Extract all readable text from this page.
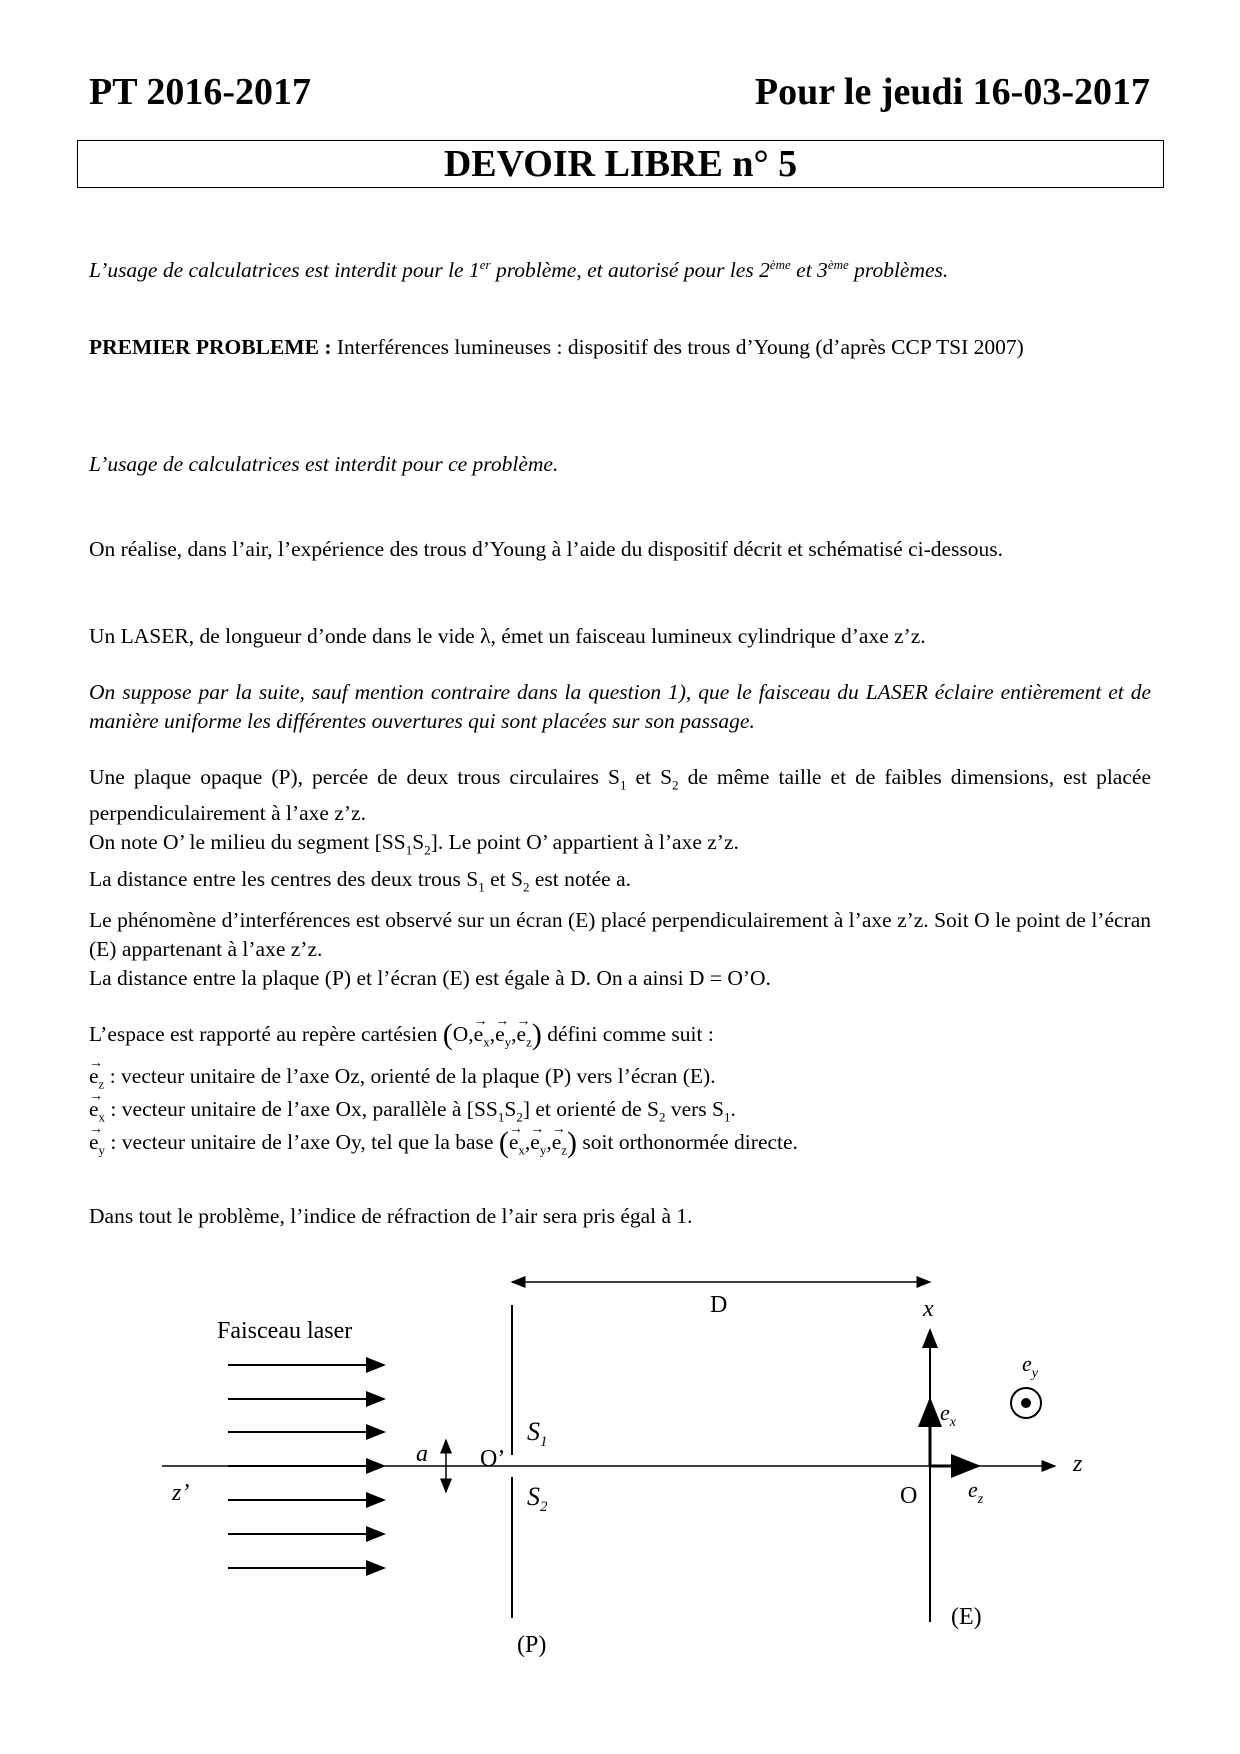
PT 2016-2017	Pour le jeudi 16-03-2017
DEVOIR LIBRE n° 5
L’usage de calculatrices est interdit pour le 1er problème, et autorisé pour les 2ème et 3ème problèmes.
PREMIER PROBLEME : Interférences lumineuses : dispositif des trous d’Young (d’après CCP TSI 2007)
L’usage de calculatrices est interdit pour ce problème.
On réalise, dans l’air, l’expérience des trous d’Young à l’aide du dispositif décrit et schématisé ci-dessous.
Un LASER, de longueur d’onde dans le vide λ, émet un faisceau lumineux cylindrique d’axe z’z.
On suppose par la suite, sauf mention contraire dans la question 1), que le faisceau du LASER éclaire entièrement et de manière uniforme les différentes ouvertures qui sont placées sur son passage.
Une plaque opaque (P), percée de deux trous circulaires $S_1$ et $S_2$ de même taille et de faibles dimensions, est placée perpendiculairement à l’axe z’z.
On note O’ le milieu du segment $[SS_1S_2]$. Le point O’ appartient à l’axe z’z.
La distance entre les centres des deux trous $S_1$ et $S_2$ est notée a.
Le phénomène d’interférences est observé sur un écran (E) placé perpendiculairement à l’axe z’z. Soit O le point de l’écran (E) appartenant à l’axe z’z.
La distance entre la plaque (P) et l’écran (E) est égale à D. On a ainsi D = O’O.
L’espace est rapporté au repère cartésien $(O,\to e_x,\to e_y,\to e_z)$ défini comme suit :
→ $e_z$ : vecteur unitaire de l’axe Oz, orienté de la plaque (P) vers l’écran (E).
→ $e_x$ : vecteur unitaire de l’axe Ox, parallèle à $[SS_1S_2]$ et orienté de $S_2$ vers $S_1$.
→ $e_y$ : vecteur unitaire de l’axe Oy, tel que la base (→ $e_x,\to e_y,\to e_z$) soit orthonormée directe.
Dans tout le problème, l’indice de réfraction de l’air sera pris égal à 1.
Faisceau laser
z’
z
(P)
D
a O’
$S_1$
$S_2$
x
(E)
O
$e_x$
$e_z$
$e_y$
